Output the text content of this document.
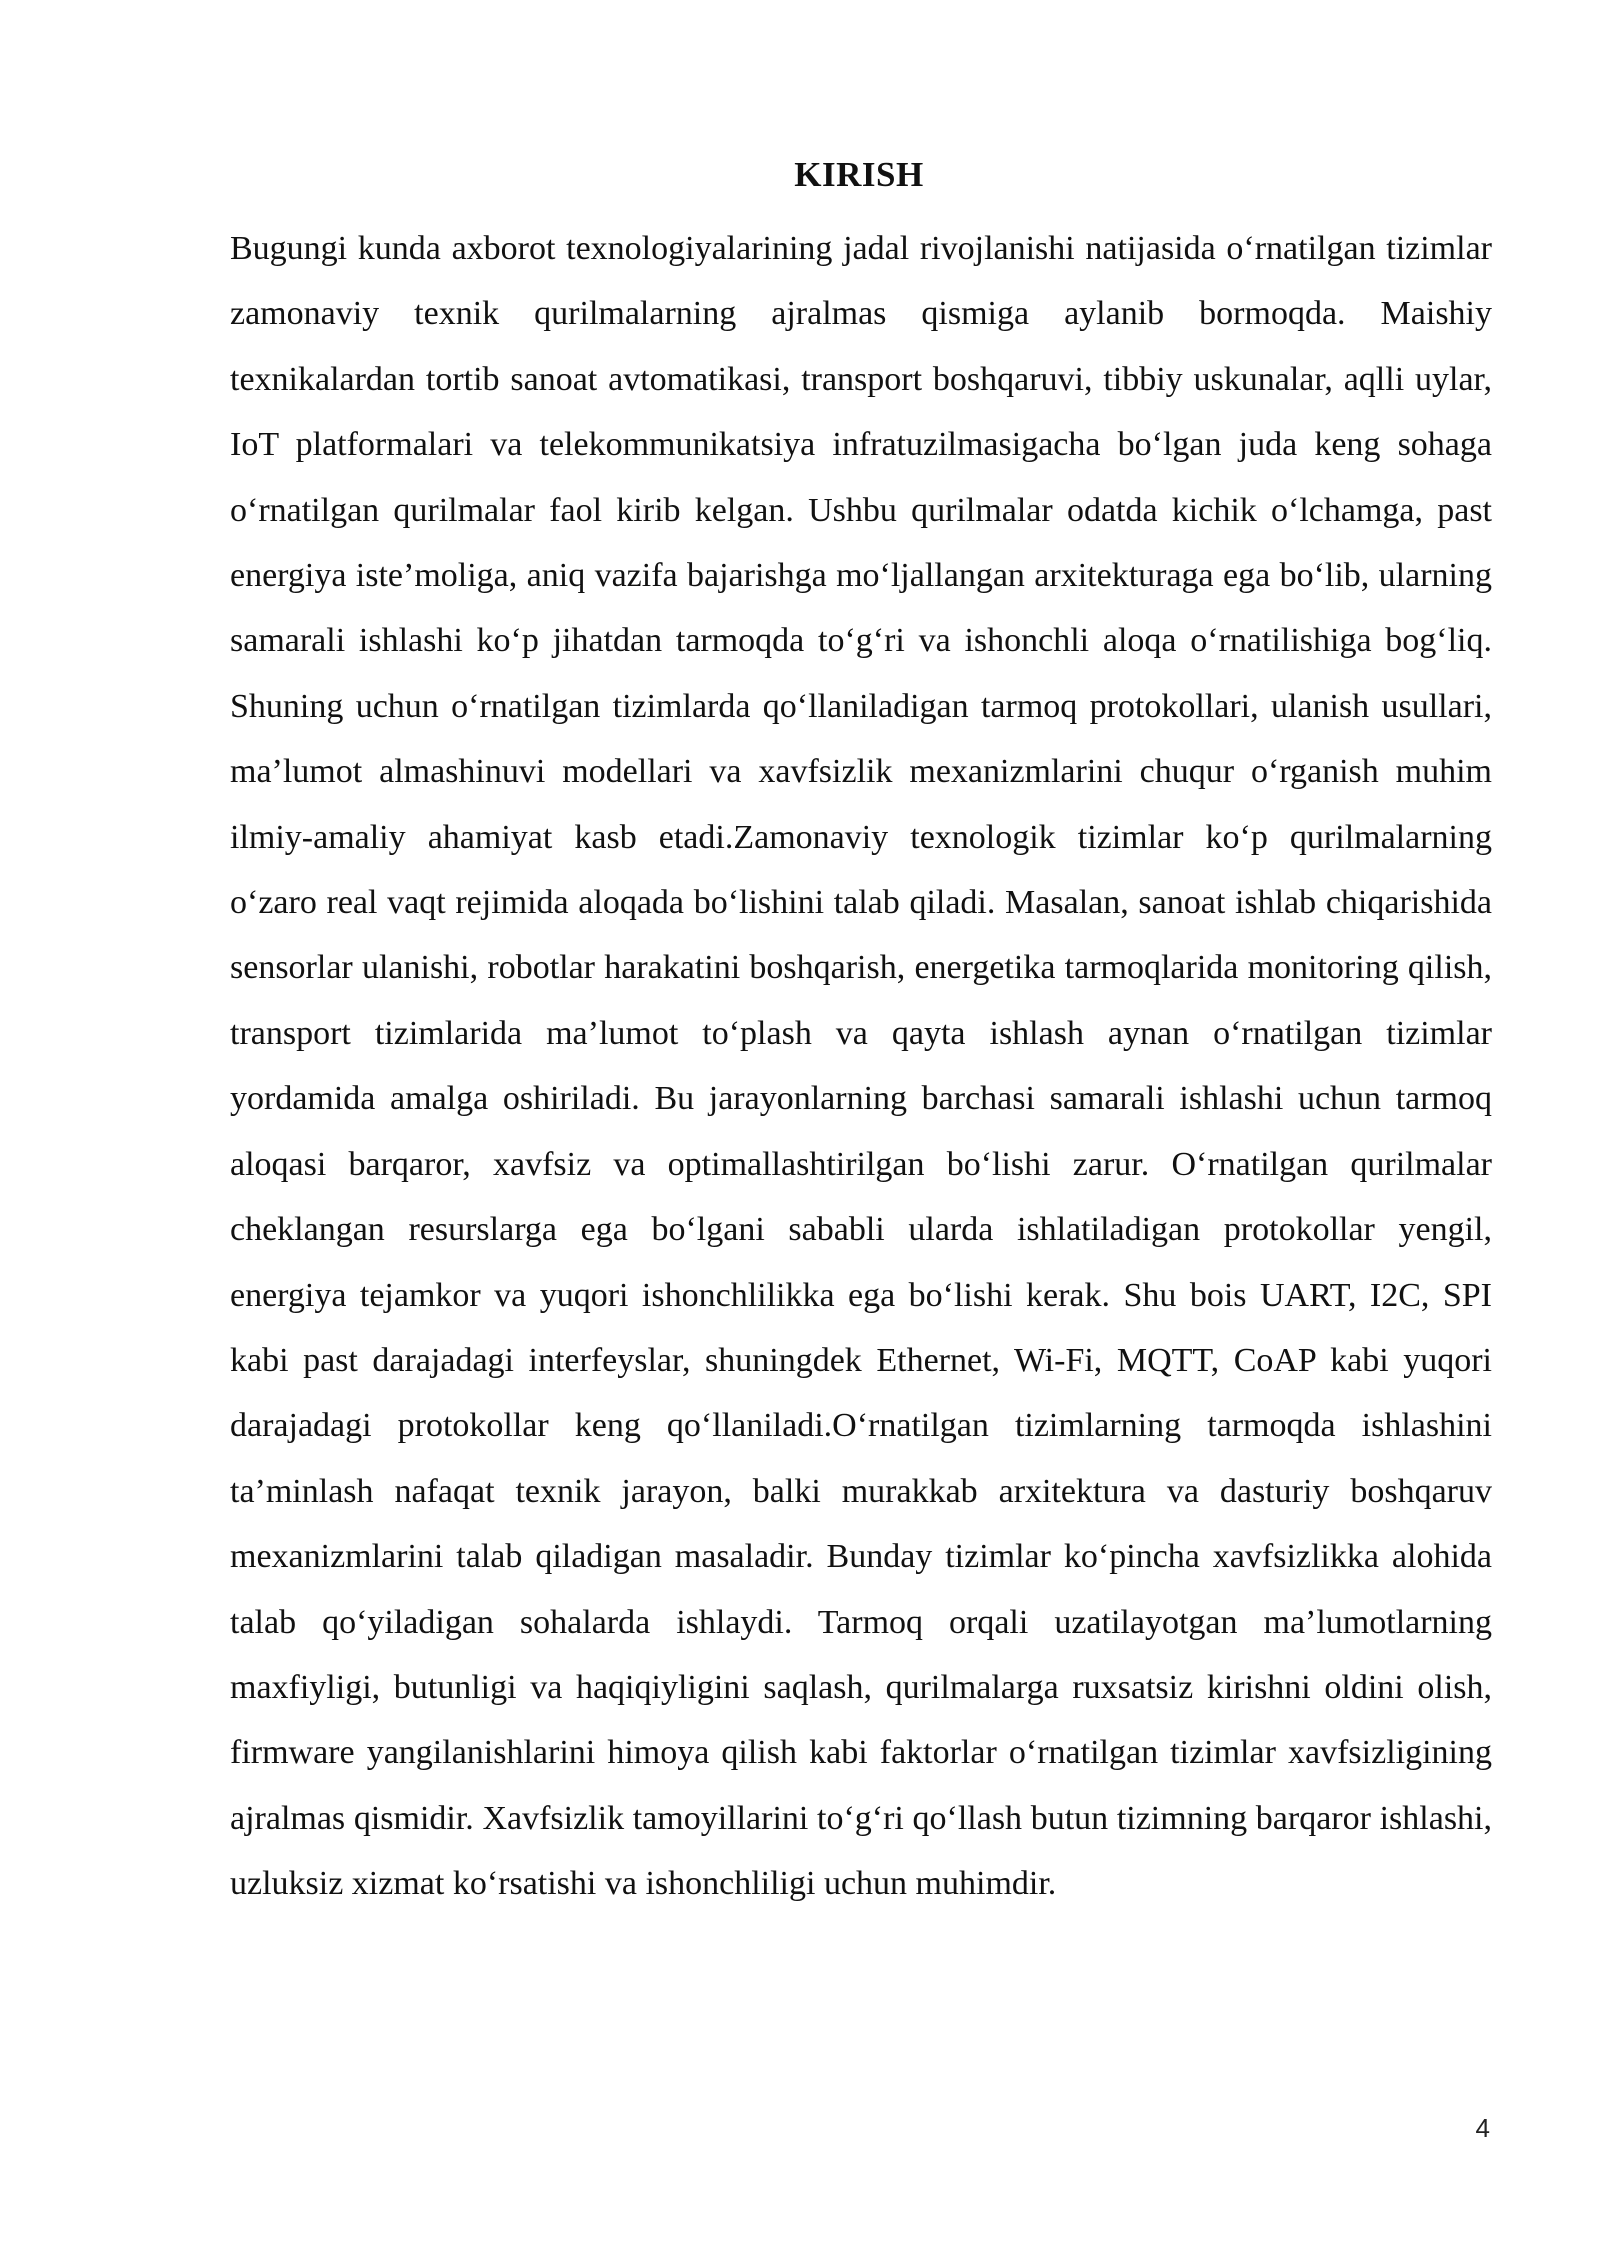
KIRISH

Bugungi kunda axborot texnologiyalarining jadal rivojlanishi natijasida o‘rnatilgan tizimlar zamonaviy texnik qurilmalarning ajralmas qismiga aylanib bormoqda. Maishiy texnikalardan tortib sanoat avtomatikasi, transport boshqaruvi, tibbiy uskunalar, aqlli uylar, IoT platformalari va telekommunikatsiya infratuzilmasigacha bo‘lgan juda keng sohaga o‘rnatilgan qurilmalar faol kirib kelgan. Ushbu qurilmalar odatda kichik o‘lchamga, past energiya iste’moliga, aniq vazifa bajarishga mo‘ljallangan arxitekturaga ega bo‘lib, ularning samarali ishlashi ko‘p jihatdan tarmoqda to‘g‘ri va ishonchli aloqa o‘rnatilishiga bog‘liq. Shuning uchun o‘rnatilgan tizimlarda qo‘llaniladigan tarmoq protokollari, ulanish usullari, ma’lumot almashinuvi modellari va xavfsizlik mexanizmlarini chuqur o‘rganish muhim ilmiy-amaliy ahamiyat kasb etadi.Zamonaviy texnologik tizimlar ko‘p qurilmalarning o‘zaro real vaqt rejimida aloqada bo‘lishini talab qiladi. Masalan, sanoat ishlab chiqarishida sensorlar ulanishi, robotlar harakatini boshqarish, energetika tarmoqlarida monitoring qilish, transport tizimlarida ma’lumot to‘plash va qayta ishlash aynan o‘rnatilgan tizimlar yordamida amalga oshiriladi. Bu jarayonlarning barchasi samarali ishlashi uchun tarmoq aloqasi barqaror, xavfsiz va optimallashtirilgan bo‘lishi zarur. O‘rnatilgan qurilmalar cheklangan resurslarga ega bo‘lgani sababli ularda ishlatiladigan protokollar yengil, energiya tejamkor va yuqori ishonchlilikka ega bo‘lishi kerak. Shu bois UART, I2C, SPI kabi past darajadagi interfeyslar, shuningdek Ethernet, Wi-Fi, MQTT, CoAP kabi yuqori darajadagi protokollar keng qo‘llaniladi.O‘rnatilgan tizimlarning tarmoqda ishlashini ta’minlash nafaqat texnik jarayon, balki murakkab arxitektura va dasturiy boshqaruv mexanizmlarini talab qiladigan masaladir. Bunday tizimlar ko‘pincha xavfsizlikka alohida talab qo‘yiladigan sohalarda ishlaydi. Tarmoq orqali uzatilayotgan ma’lumotlarning maxfiyligi, butunligi va haqiqiyligini saqlash, qurilmalarga ruxsatsiz kirishni oldini olish, firmware yangilanishlarini himoya qilish kabi faktorlar o‘rnatilgan tizimlar xavfsizligining ajralmas qismidir. Xavfsizlik tamoyillarini to‘g‘ri qo‘llash butun tizimning barqaror ishlashi, uzluksiz xizmat ko‘rsatishi va ishonchliligi uchun muhimdir.

4
